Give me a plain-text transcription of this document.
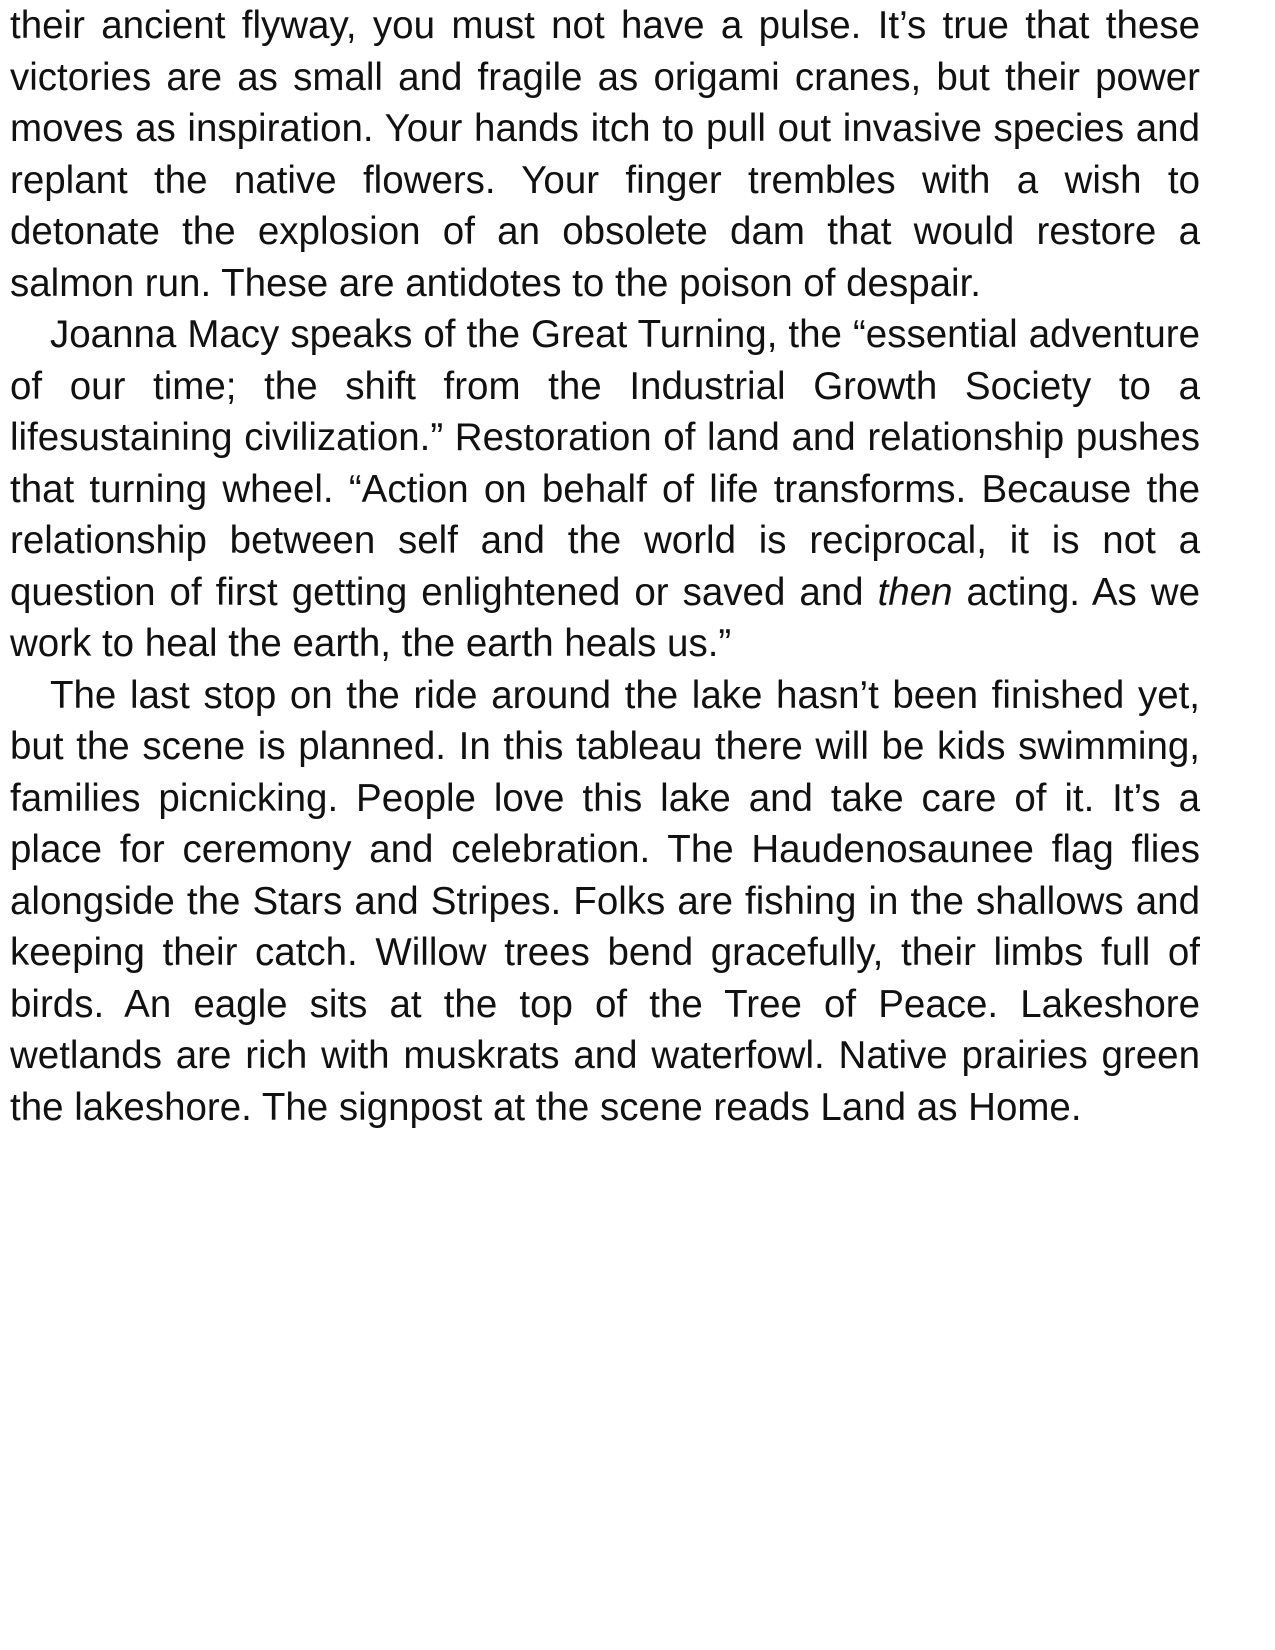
their ancient flyway, you must not have a pulse. It’s true that these victories are as small and fragile as origami cranes, but their power moves as inspiration. Your hands itch to pull out invasive species and replant the native flowers. Your finger trembles with a wish to detonate the explosion of an obsolete dam that would restore a salmon run. These are antidotes to the poison of despair.

Joanna Macy speaks of the Great Turning, the “essential adventure of our time; the shift from the Industrial Growth Society to a lifesustaining civilization.” Restoration of land and relationship pushes that turning wheel. “Action on behalf of life transforms. Because the relationship between self and the world is reciprocal, it is not a question of first getting enlightened or saved and then acting. As we work to heal the earth, the earth heals us.”

The last stop on the ride around the lake hasn’t been finished yet, but the scene is planned. In this tableau there will be kids swimming, families picnicking. People love this lake and take care of it. It’s a place for ceremony and celebration. The Haudenosaunee flag flies alongside the Stars and Stripes. Folks are fishing in the shallows and keeping their catch. Willow trees bend gracefully, their limbs full of birds. An eagle sits at the top of the Tree of Peace. Lakeshore wetlands are rich with muskrats and waterfowl. Native prairies green the lakeshore. The signpost at the scene reads Land as Home.
